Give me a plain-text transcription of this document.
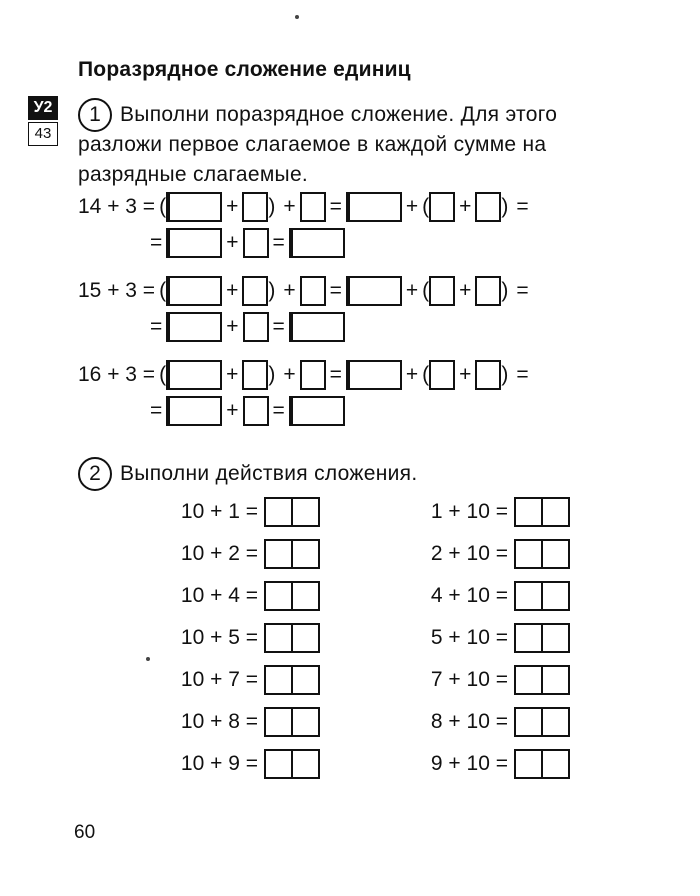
Поразрядное сложение единиц
У2
43
1 Выполни поразрядное сложение. Для этого
разложи первое слагаемое в каждой сумме на
разрядные слагаемые.
14 + 3 = (	+ ) + =	+ ( + ) =
=	+ =
15 + 3 = (	+ ) + =	+ ( + ) =
=	+ =
16 + 3 = (	+ ) + =	+ ( + ) =
=	+ =
2 Выполни действия сложения.
10 + 1 =
10 + 2 =
10 + 4 =
10 + 5 =
10 + 7 =
10 + 8 =
10 + 9 =
1 + 10 =
2 + 10 =
4 + 10 =
5 + 10 =
7 + 10 =
8 + 10 =
9 + 10 =
60
